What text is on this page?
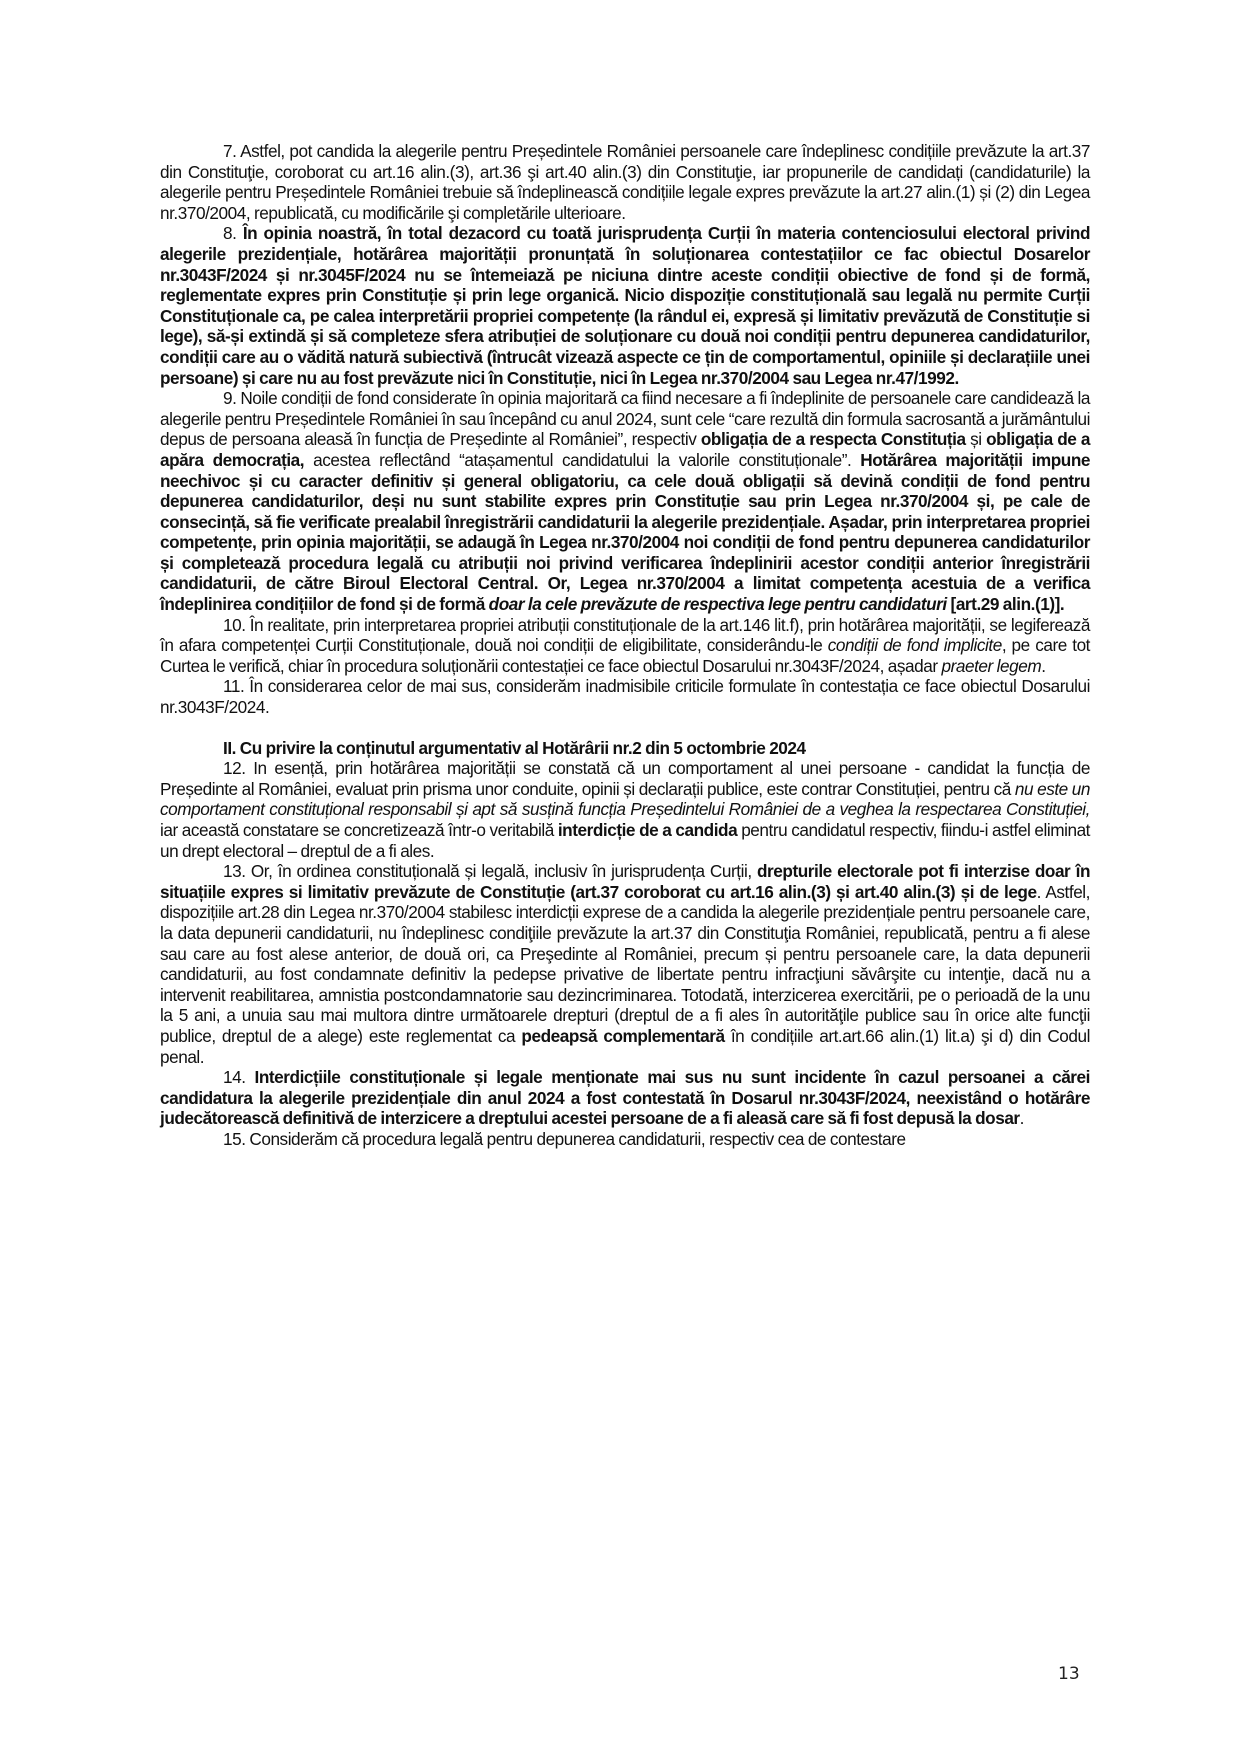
7. Astfel, pot candida la alegerile pentru Președintele României persoanele care îndeplinesc condițiile prevăzute la art.37 din Constituţie, coroborat cu art.16 alin.(3), art.36 şi art.40 alin.(3) din Constituţie, iar propunerile de candidați (candidaturile) la alegerile pentru Președintele României trebuie să îndeplinească condițiile legale expres prevăzute la art.27 alin.(1) și (2) din Legea nr.370/2004, republicată, cu modificările şi completările ulterioare.

8. În opinia noastră, în total dezacord cu toată jurisprudența Curții în materia contenciosului electoral privind alegerile prezidențiale, hotărârea majorității pronunțată în soluționarea contestațiilor ce fac obiectul Dosarelor nr.3043F/2024 și nr.3045F/2024 nu se întemeiază pe niciuna dintre aceste condiții obiective de fond și de formă, reglementate expres prin Constituție și prin lege organică. Nicio dispoziție constituțională sau legală nu permite Curții Constituționale ca, pe calea interpretării propriei competențe (la rândul ei, expresă și limitativ prevăzută de Constituție si lege), să-și extindă și să completeze sfera atribuției de soluționare cu două noi condiții pentru depunerea candidaturilor, condiții care au o vădită natură subiectivă (întrucât vizează aspecte ce țin de comportamentul, opiniile și declarațiile unei persoane) și care nu au fost prevăzute nici în Constituție, nici în Legea nr.370/2004 sau Legea nr.47/1992.

9. Noile condiții de fond considerate în opinia majoritară ca fiind necesare a fi îndeplinite de persoanele care candidează la alegerile pentru Președintele României în sau începând cu anul 2024, sunt cele “care rezultă din formula sacrosantă a jurământului depus de persoana aleasă în funcția de Președinte al României”, respectiv obligația de a respecta Constituția și obligația de a apăra democrația, acestea reflectând “atașamentul candidatului la valorile constituționale”. Hotărârea majorității impune neechivoc și cu caracter definitiv și general obligatoriu, ca cele două obligații să devină condiții de fond pentru depunerea candidaturilor, deși nu sunt stabilite expres prin Constituție sau prin Legea nr.370/2004 și, pe cale de consecință, să fie verificate prealabil înregistrării candidaturii la alegerile prezidențiale. Așadar, prin interpretarea propriei competențe, prin opinia majorității, se adaugă în Legea nr.370/2004 noi condiții de fond pentru depunerea candidaturilor și completează procedura legală cu atribuții noi privind verificarea îndeplinirii acestor condiții anterior înregistrării candidaturii, de către Biroul Electoral Central. Or, Legea nr.370/2004 a limitat competența acestuia de a verifica îndeplinirea condițiilor de fond și de formă doar la cele prevăzute de respectiva lege pentru candidaturi [art.29 alin.(1)].

10. În realitate, prin interpretarea propriei atribuții constituționale de la art.146 lit.f), prin hotărârea majorității, se legiferează în afara competenței Curții Constituționale, două noi condiții de eligibilitate, considerându-le condiții de fond implicite, pe care tot Curtea le verifică, chiar în procedura soluționării contestației ce face obiectul Dosarului nr.3043F/2024, așadar praeter legem.

11. În considerarea celor de mai sus, considerăm inadmisibile criticile formulate în contestația ce face obiectul Dosarului nr.3043F/2024.

II. Cu privire la conținutul argumentativ al Hotărârii nr.2 din 5 octombrie 2024

12. In esență, prin hotărârea majorității se constată că un comportament al unei persoane - candidat la funcția de Președinte al României, evaluat prin prisma unor conduite, opinii și declarații publice, este contrar Constituției, pentru că nu este un comportament constituțional responsabil și apt să susțină funcția Președintelui României de a veghea la respectarea Constituției, iar această constatare se concretizează într-o veritabilă interdicție de a candida pentru candidatul respectiv, fiindu-i astfel eliminat un drept electoral – dreptul de a fi ales.

13. Or, în ordinea constituțională și legală, inclusiv în jurisprudența Curții, drepturile electorale pot fi interzise doar în situațiile expres si limitativ prevăzute de Constituție (art.37 coroborat cu art.16 alin.(3) și art.40 alin.(3) și de lege. Astfel, dispozițiile art.28 din Legea nr.370/2004 stabilesc interdicții exprese de a candida la alegerile prezidențiale pentru persoanele care, la data depunerii candidaturii, nu îndeplinesc condiţiile prevăzute la art.37 din Constituţia României, republicată, pentru a fi alese sau care au fost alese anterior, de două ori, ca Preşedinte al României, precum și pentru persoanele care, la data depunerii candidaturii, au fost condamnate definitiv la pedepse privative de libertate pentru infracţiuni săvârşite cu intenţie, dacă nu a intervenit reabilitarea, amnistia postcondamnatorie sau dezincriminarea. Totodată, interzicerea exercitării, pe o perioadă de la unu la 5 ani, a unuia sau mai multora dintre următoarele drepturi (dreptul de a fi ales în autorităţile publice sau în orice alte funcţii publice, dreptul de a alege) este reglementat ca pedeapsă complementară în condițiile art.art.66 alin.(1) lit.a) şi d) din Codul penal.

14. Interdicțiile constituționale și legale menționate mai sus nu sunt incidente în cazul persoanei a cărei candidatura la alegerile prezidențiale din anul 2024 a fost contestată în Dosarul nr.3043F/2024, neexistând o hotărâre judecătorească definitivă de interzicere a dreptului acestei persoane de a fi aleasă care să fi fost depusă la dosar.

15. Considerăm că procedura legală pentru depunerea candidaturii, respectiv cea de contestare

13
